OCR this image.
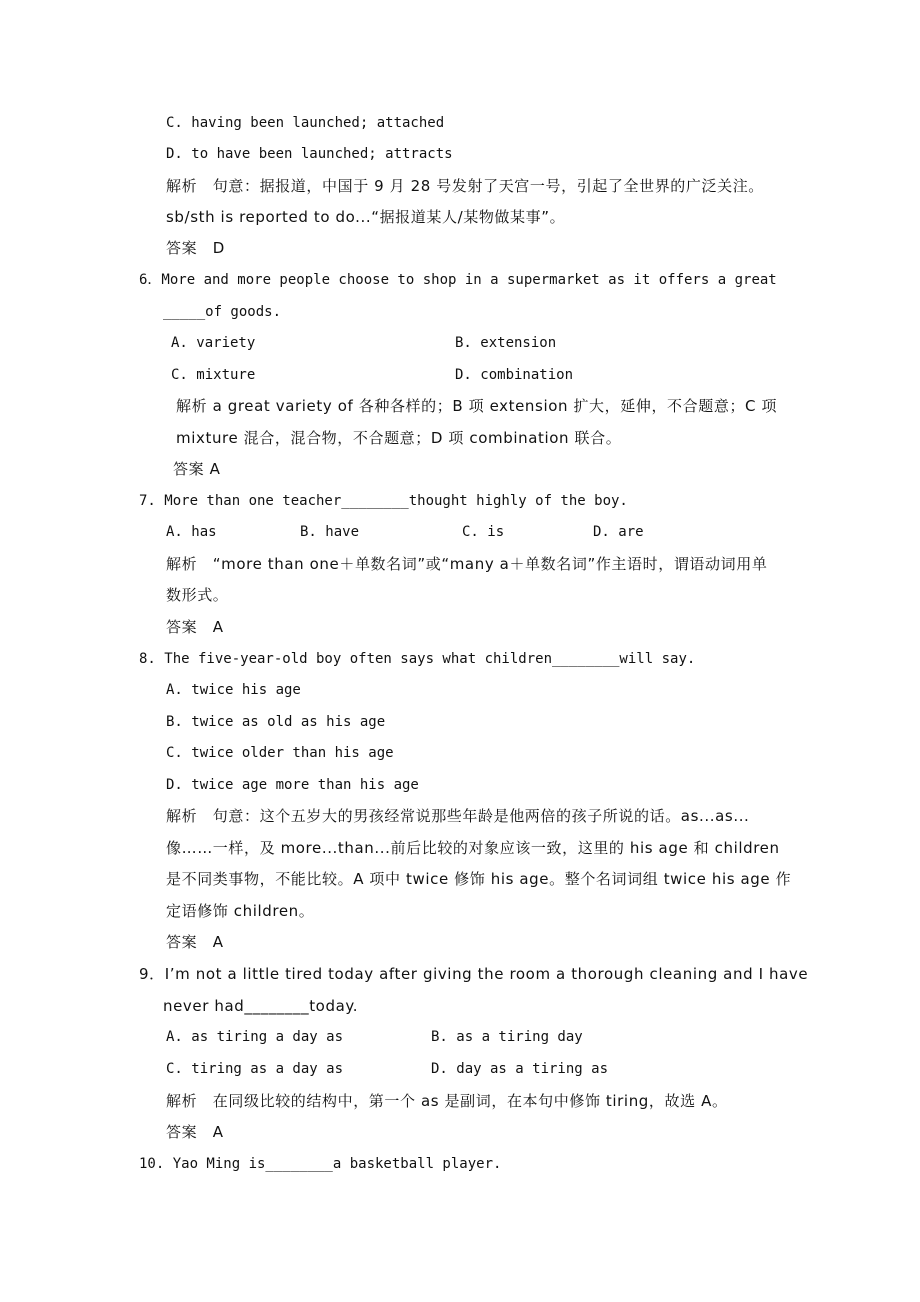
C. having been launched; attached
D. to have been launched; attracts
解析　句意：据报道，中国于 9 月 28 号发射了天宫一号，引起了全世界的广泛关注。
sb/sth is reported to do...“据报道某人/某物做某事”。
答案　D
6．More and more people choose to shop in a supermarket as it offers a great
_____of goods.
A. variety	B. extension
C. mixture	D. combination
解析 a great variety of 各种各样的；B 项 extension 扩大，延伸，不合题意；C 项
mixture 混合，混合物，不合题意；D 项 combination 联合。
答案 A
7. More than one teacher________thought highly of the boy.
A. has	B. have	C. is	D. are
解析　“more than one＋单数名词”或“many a＋单数名词”作主语时，谓语动词用单
数形式。
答案　A
8. The five-year-old boy often says what children________will say.
A. twice his age
B. twice as old as his age
C. twice older than his age
D. twice age more than his age
解析　句意：这个五岁大的男孩经常说那些年龄是他两倍的孩子所说的话。as...as...
像……一样，及 more...than...前后比较的对象应该一致，这里的 his age 和 children
是不同类事物，不能比较。A 项中 twice 修饰 his age。整个名词词组 twice his age 作
定语修饰 children。
答案　A
9．I’m not a little tired today after giving the room a thorough cleaning and I have
never had________today.
A. as tiring a day as	B. as a tiring day
C. tiring as a day as	D. day as a tiring as
解析　在同级比较的结构中，第一个 as 是副词，在本句中修饰 tiring，故选 A。
答案　A
10. Yao Ming is________a basketball player.
